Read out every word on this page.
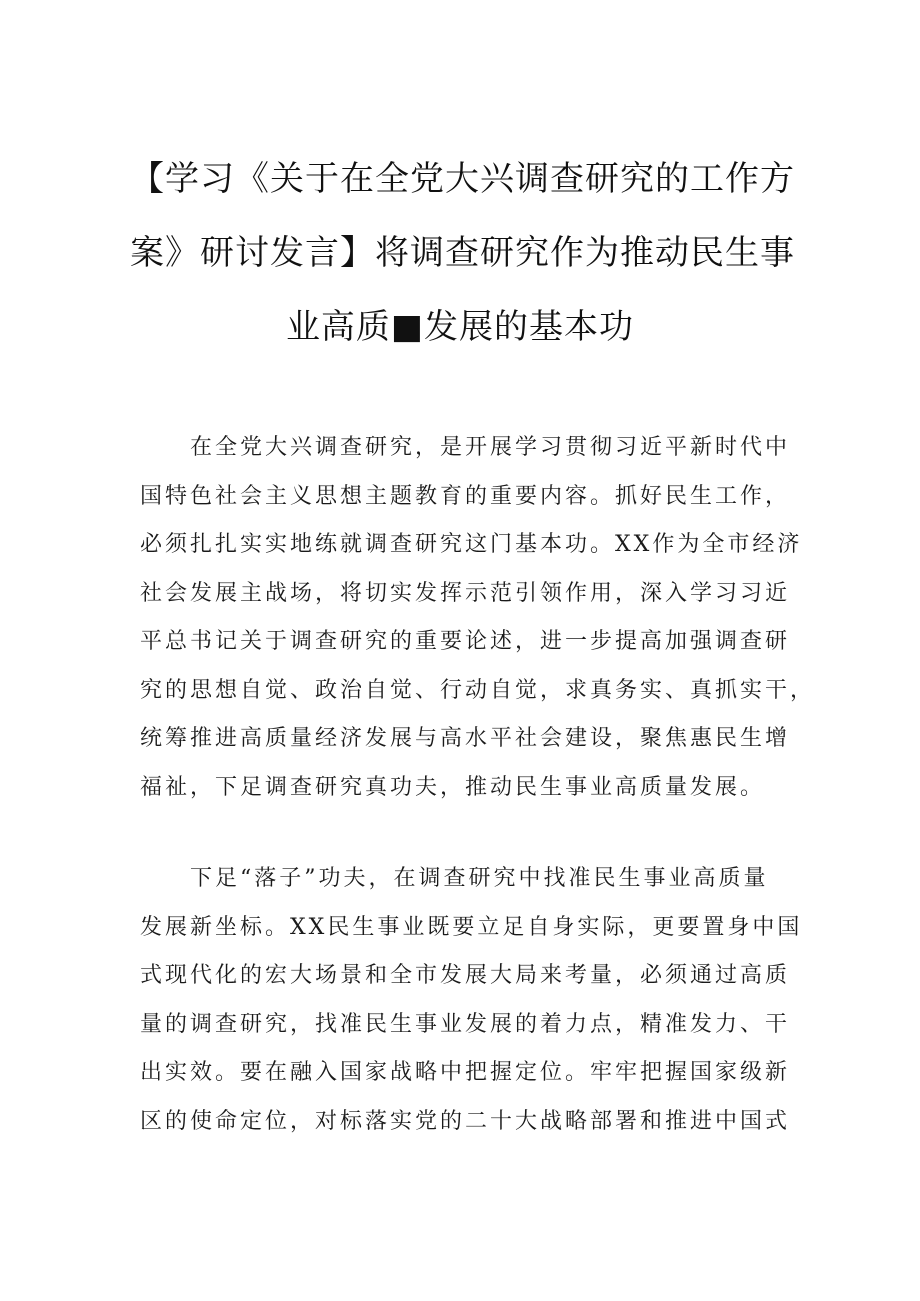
【学习《关于在全党大兴调查研究的工作方
案》研讨发言】将调查研究作为推动民生事
业高质■发展的基本功
　　在全党大兴调查研究，是开展学习贯彻习近平新时代中
国特色社会主义思想主题教育的重要内容。抓好民生工作，
必须扎扎实实地练就调查研究这门基本功。XX作为全市经济
社会发展主战场，将切实发挥示范引领作用，深入学习习近
平总书记关于调查研究的重要论述，进一步提高加强调查研
究的思想自觉、政治自觉、行动自觉，求真务实、真抓实干，
统筹推进高质量经济发展与高水平社会建设，聚焦惠民生增
福祉，下足调查研究真功夫，推动民生事业高质量发展。
　　下足“落子”功夫，在调查研究中找准民生事业高质量
发展新坐标。XX民生事业既要立足自身实际，更要置身中国
式现代化的宏大场景和全市发展大局来考量，必须通过高质
量的调查研究，找准民生事业发展的着力点，精准发力、干
出实效。要在融入国家战略中把握定位。牢牢把握国家级新
区的使命定位，对标落实党的二十大战略部署和推进中国式
